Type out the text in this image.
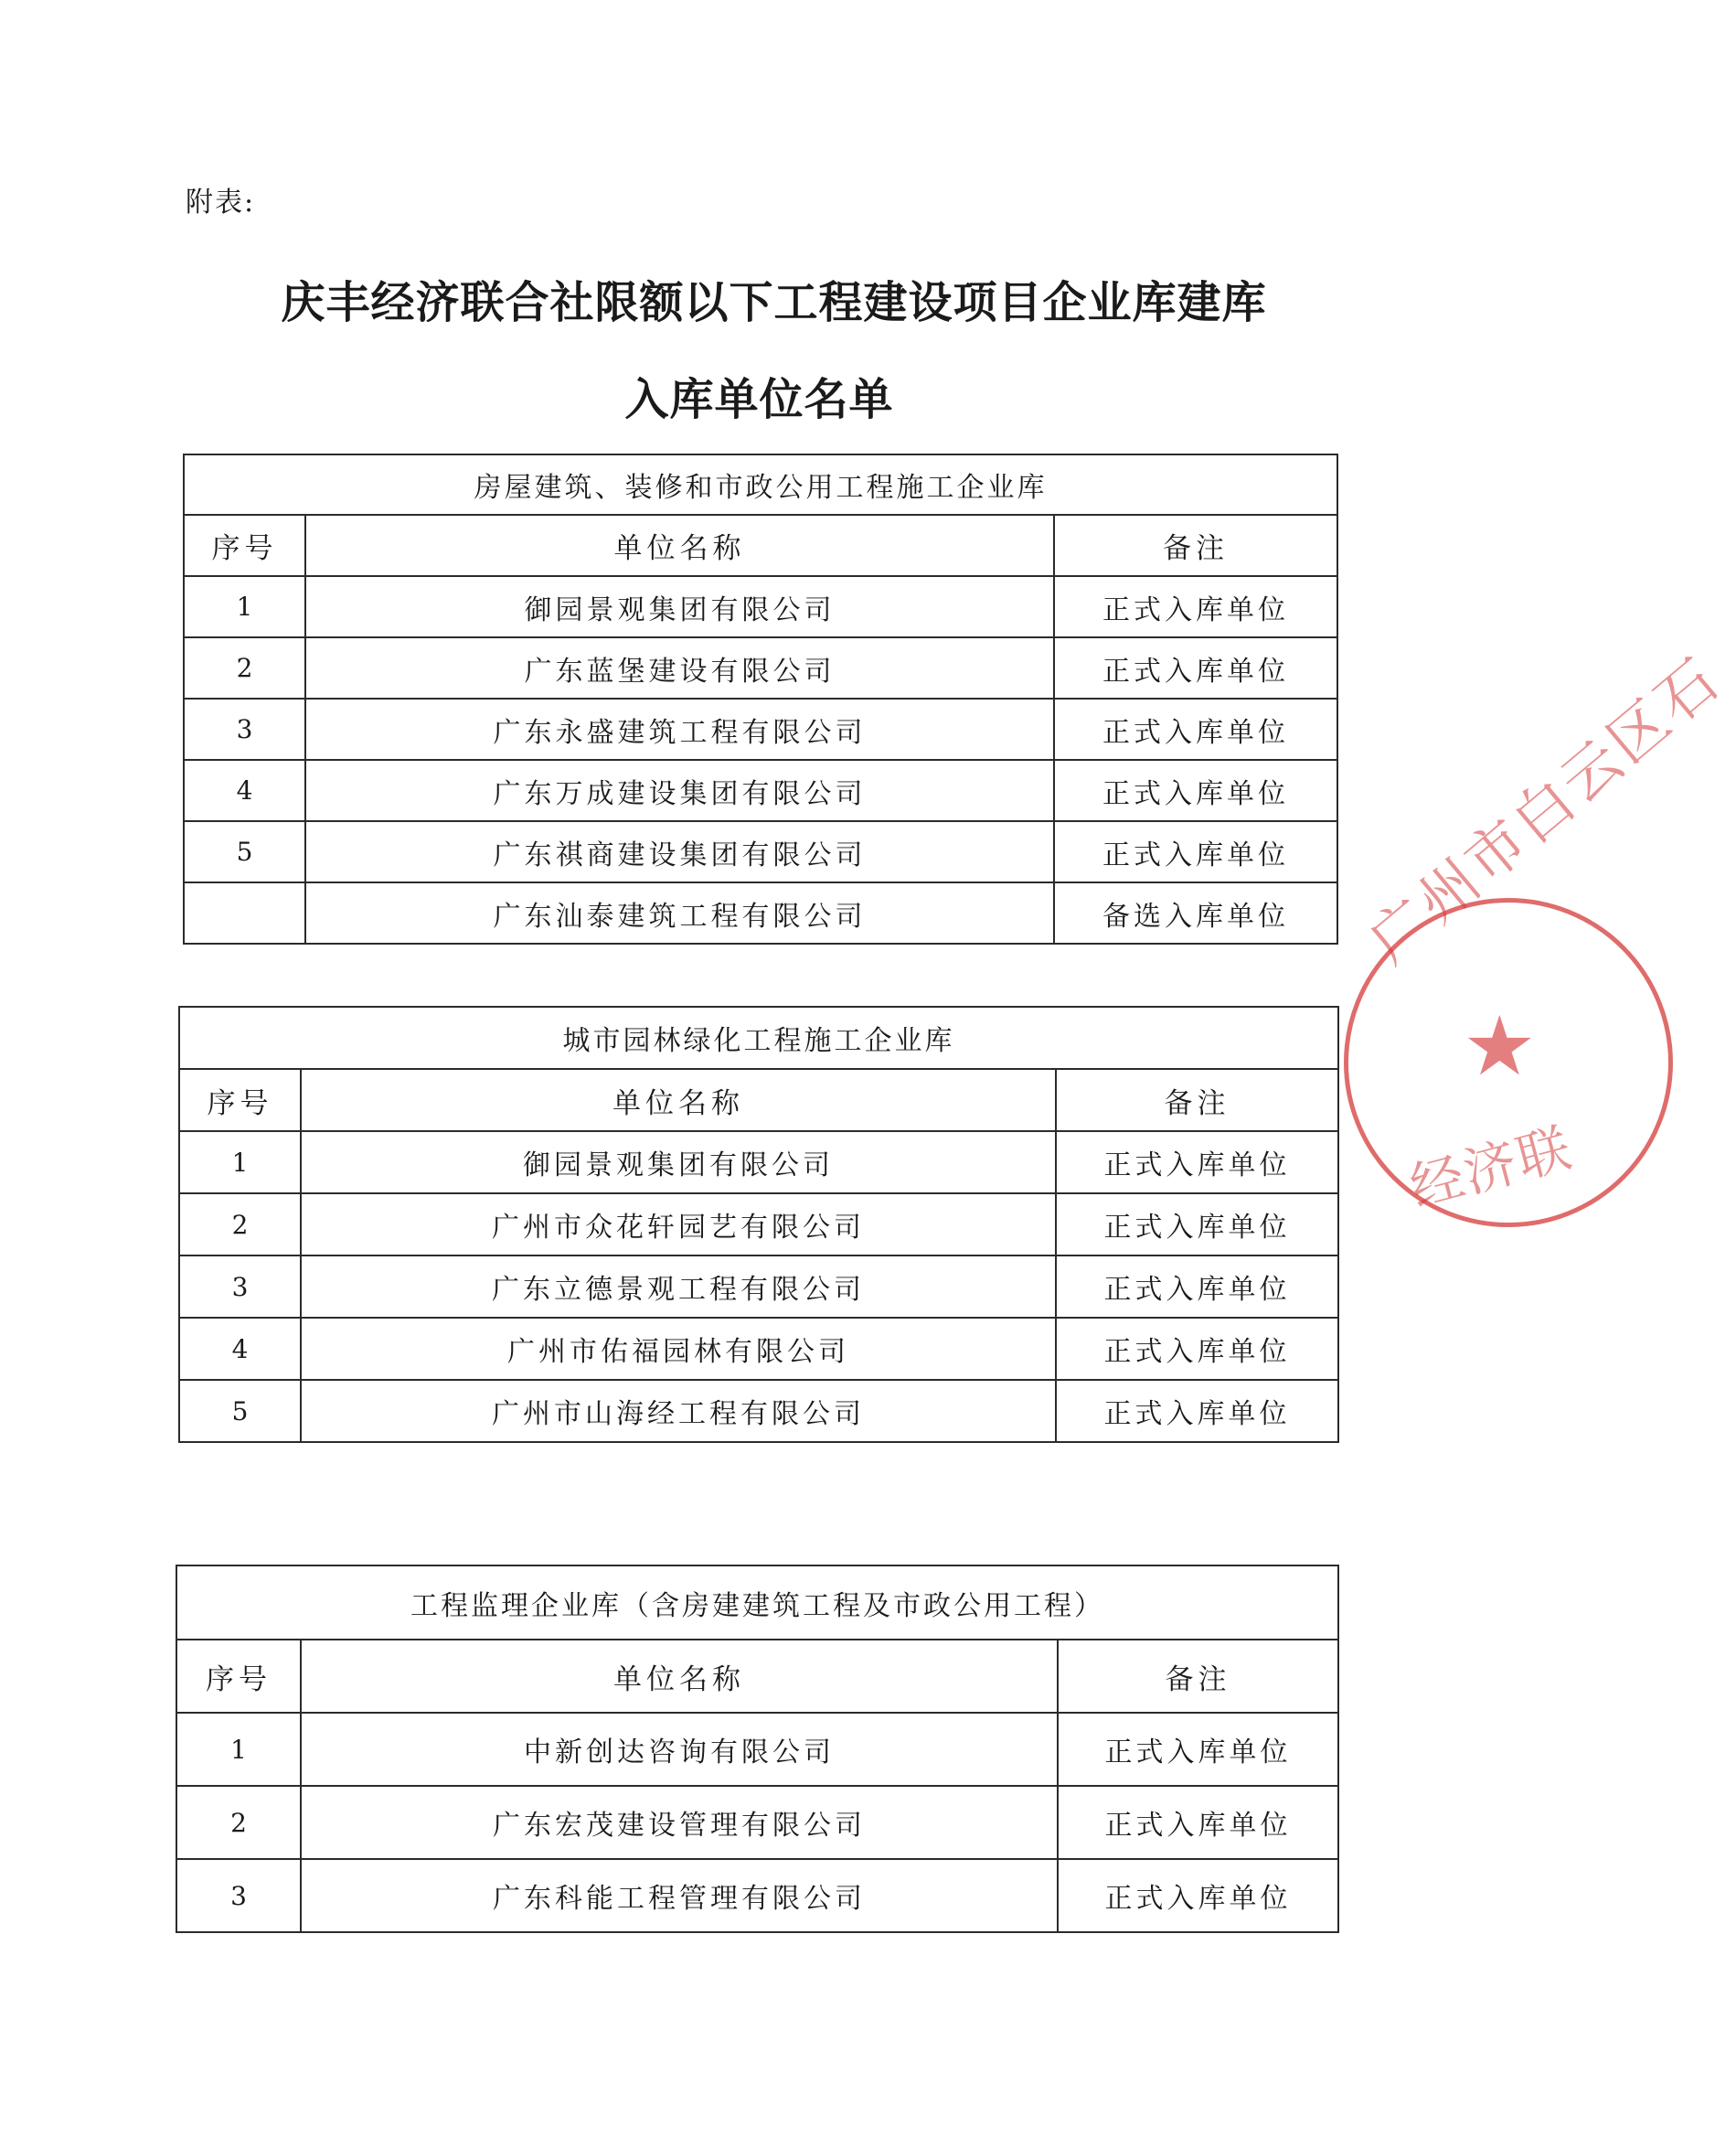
附表:
庆丰经济联合社限额以下工程建设项目企业库建库
入库单位名单
房屋建筑、装修和市政公用工程施工企业库		
序号	单位名称	备注
1	御园景观集团有限公司	正式入库单位
2	广东蓝堡建设有限公司	正式入库单位
3	广东永盛建筑工程有限公司	正式入库单位
4	广东万成建设集团有限公司	正式入库单位
5	广东祺商建设集团有限公司	正式入库单位
	广东汕泰建筑工程有限公司	备选入库单位
城市园林绿化工程施工企业库		
序号	单位名称	备注
1	御园景观集团有限公司	正式入库单位
2	广州市众花轩园艺有限公司	正式入库单位
3	广东立德景观工程有限公司	正式入库单位
4	广州市佑福园林有限公司	正式入库单位
5	广州市山海经工程有限公司	正式入库单位
工程监理企业库（含房建建筑工程及市政公用工程）		
序号	单位名称	备注
1	中新创达咨询有限公司	正式入库单位
2	广东宏茂建设管理有限公司	正式入库单位
3	广东科能工程管理有限公司	正式入库单位
广州市白云区石
★
经济联
